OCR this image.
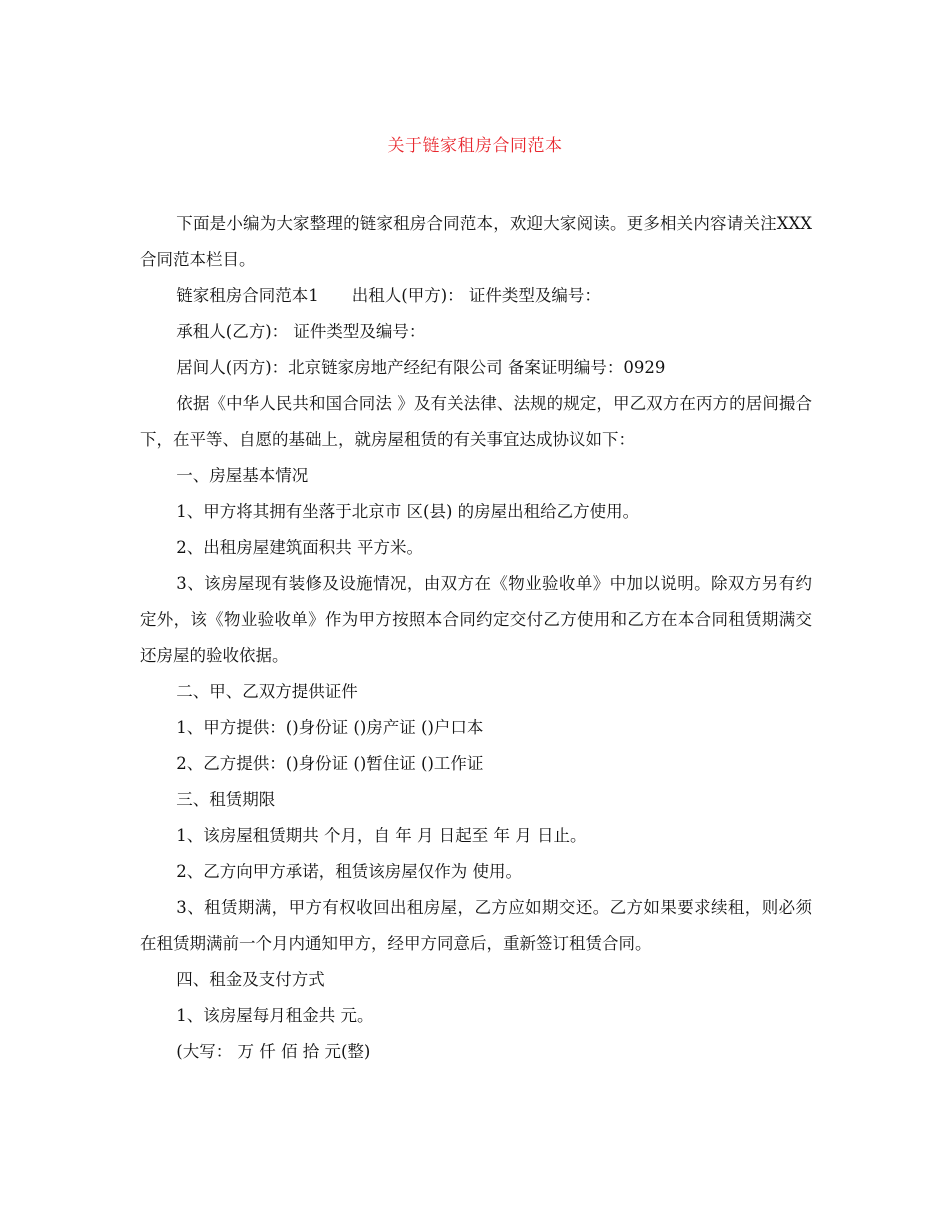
关于链家租房合同范本

下面是小编为大家整理的链家租房合同范本，欢迎大家阅读。更多相关内容请关注XXX合同范本栏目。

链家租房合同范本1　　出租人(甲方)： 证件类型及编号：

承租人(乙方)： 证件类型及编号：

居间人(丙方)：北京链家房地产经纪有限公司 备案证明编号：0929

依据《中华人民共和国合同法 》及有关法律、法规的规定，甲乙双方在丙方的居间撮合下，在平等、自愿的基础上，就房屋租赁的有关事宜达成协议如下：

一、房屋基本情况

1、甲方将其拥有坐落于北京市 区(县) 的房屋出租给乙方使用。

2、出租房屋建筑面积共 平方米。

3、该房屋现有装修及设施情况，由双方在《物业验收单》中加以说明。除双方另有约定外，该《物业验收单》作为甲方按照本合同约定交付乙方使用和乙方在本合同租赁期满交还房屋的验收依据。

二、甲、乙双方提供证件

1、甲方提供：()身份证 ()房产证 ()户口本

2、乙方提供：()身份证 ()暂住证 ()工作证

三、租赁期限

1、该房屋租赁期共 个月，自 年 月 日起至 年 月 日止。

2、乙方向甲方承诺，租赁该房屋仅作为 使用。

3、租赁期满，甲方有权收回出租房屋，乙方应如期交还。乙方如果要求续租，则必须在租赁期满前一个月内通知甲方，经甲方同意后，重新签订租赁合同。

四、租金及支付方式

1、该房屋每月租金共 元。

(大写： 万 仟 佰 拾 元(整)
